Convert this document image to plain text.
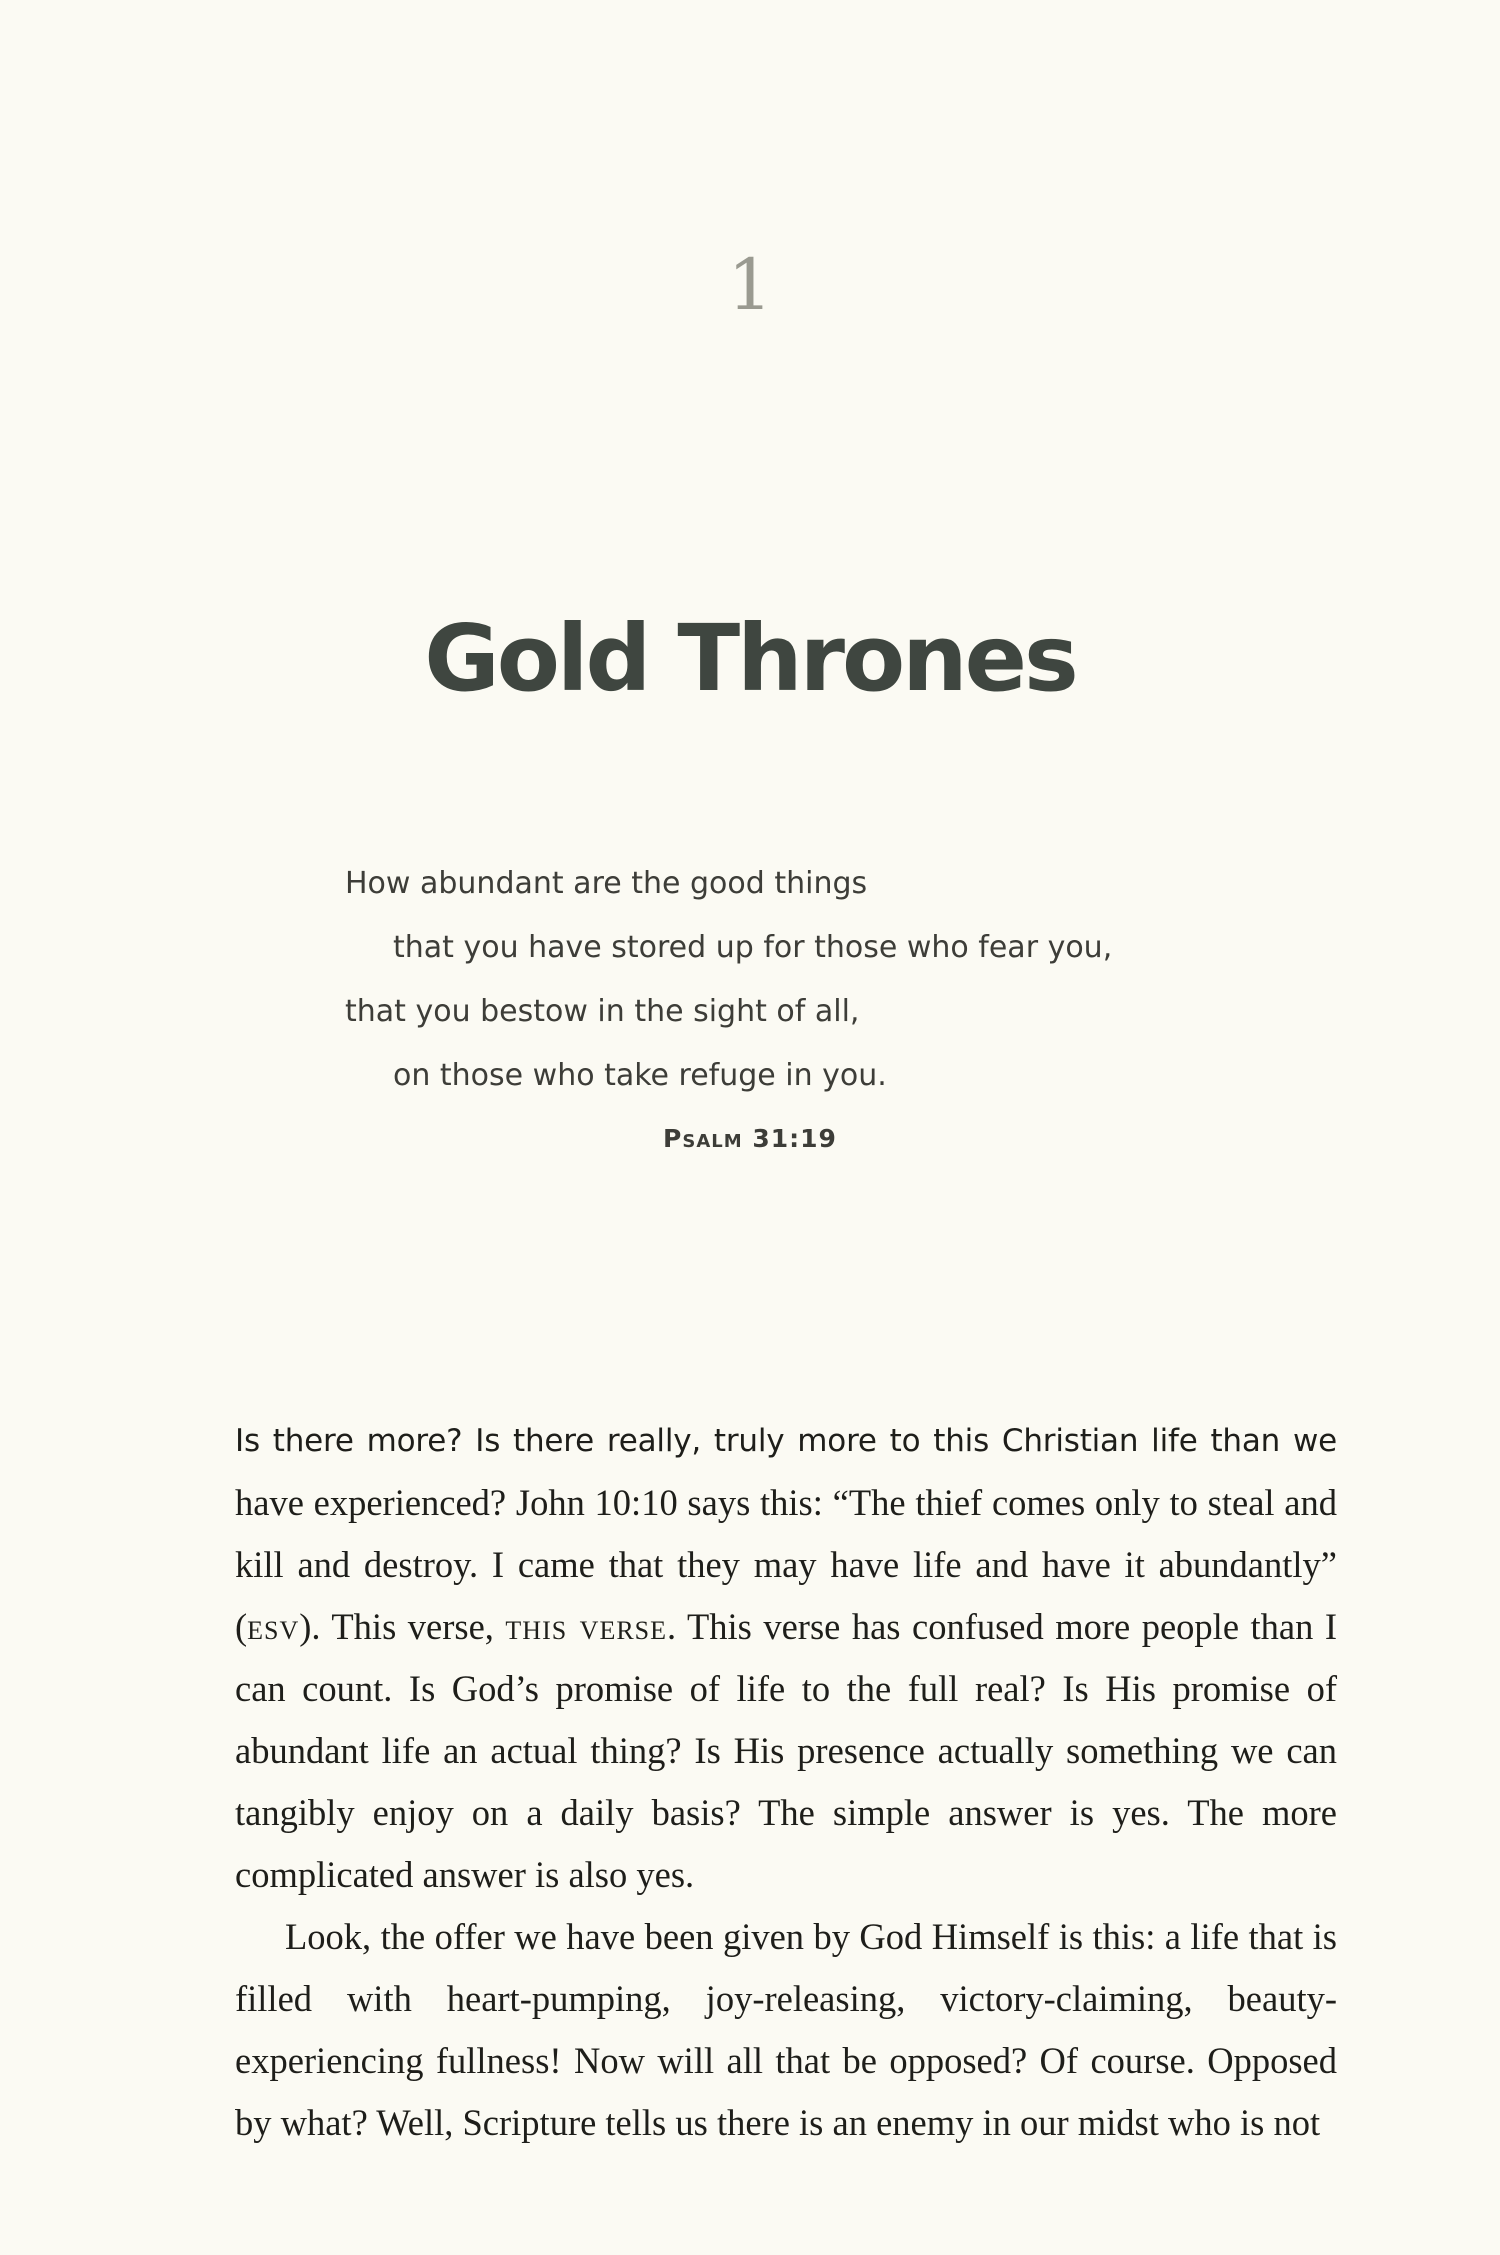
1
Gold Thrones
How abundant are the good things
that you have stored up for those who fear you,
that you bestow in the sight of all,
on those who take refuge in you.
Psalm 31:19

Is there more? Is there really, truly more to this Christian life than we have experienced? John 10:10 says this: “The thief comes only to steal and kill and destroy. I came that they may have life and have it abundantly” (esv). This verse, this verse. This verse has confused more people than I can count. Is God’s promise of life to the full real? Is His promise of abundant life an actual thing? Is His presence actually something we can tangibly enjoy on a daily basis? The simple answer is yes. The more complicated answer is also yes.

Look, the offer we have been given by God Himself is this: a life that is filled with heart-pumping, joy-releasing, victory-claiming, beauty-experiencing fullness! Now will all that be opposed? Of course. Opposed by what? Well, Scripture tells us there is an enemy in our midst who is not
